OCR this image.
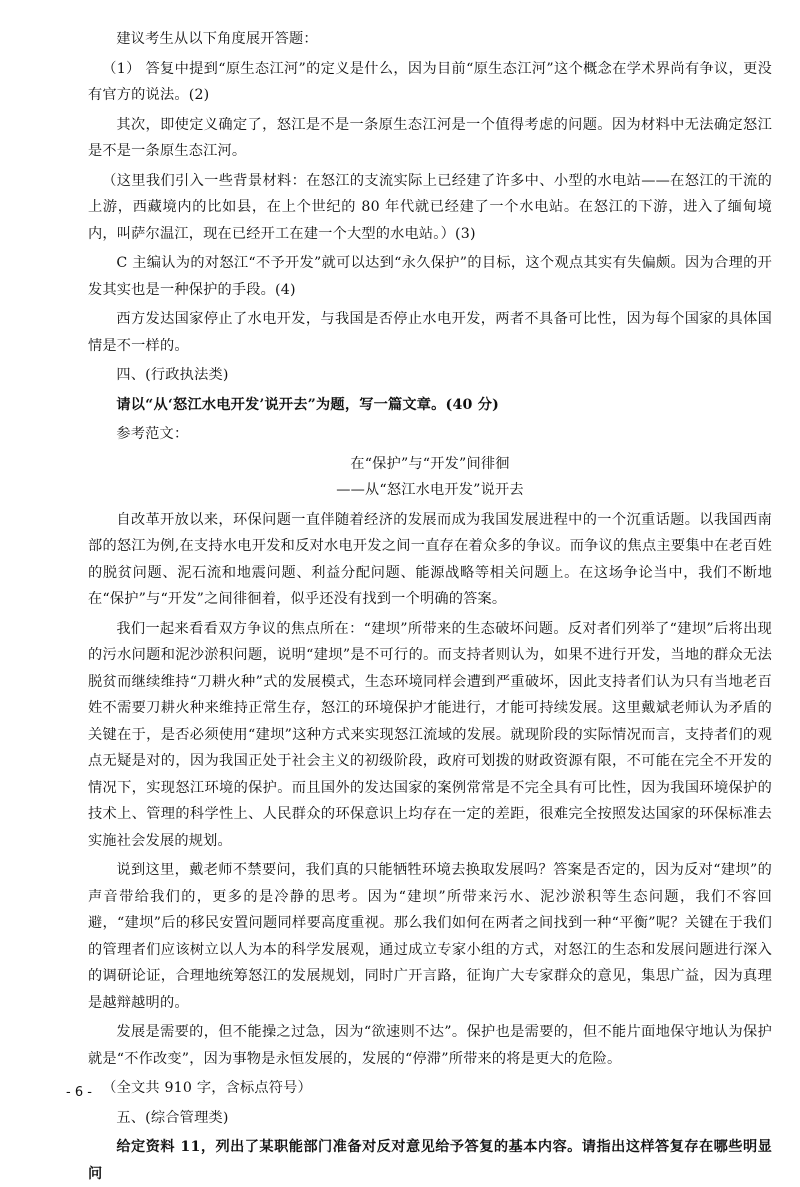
建议考生从以下角度展开答题：

（1） 答复中提到“原生态江河”的定义是什么，因为目前“原生态江河”这个概念在学术界尚有争议，更没有官方的说法。(2)

其次，即使定义确定了，怒江是不是一条原生态江河是一个值得考虑的问题。因为材料中无法确定怒江是不是一条原生态江河。

（这里我们引入一些背景材料：在怒江的支流实际上已经建了许多中、小型的水电站——在怒江的干流的上游，西藏境内的比如县，在上个世纪的 80 年代就已经建了一个水电站。在怒江的下游，进入了缅甸境内，叫萨尔温江，现在已经开工在建一个大型的水电站。）(3)

C 主编认为的对怒江“不予开发”就可以达到“永久保护”的目标，这个观点其实有失偏颇。因为合理的开发其实也是一种保护的手段。(4)

西方发达国家停止了水电开发，与我国是否停止水电开发，两者不具备可比性，因为每个国家的具体国情是不一样的。

四、(行政执法类)

请以“从‘怒江水电开发’说开去”为题，写一篇文章。(40 分)

参考范文：

在“保护”与“开发”间徘徊

——从“怒江水电开发”说开去

自改革开放以来，环保问题一直伴随着经济的发展而成为我国发展进程中的一个沉重话题。以我国西南部的怒江为例,在支持水电开发和反对水电开发之间一直存在着众多的争议。而争议的焦点主要集中在老百姓的脱贫问题、泥石流和地震问题、利益分配问题、能源战略等相关问题上。在这场争论当中，我们不断地在“保护”与“开发”之间徘徊着，似乎还没有找到一个明确的答案。

我们一起来看看双方争议的焦点所在：“建坝”所带来的生态破坏问题。反对者们列举了“建坝”后将出现的污水问题和泥沙淤积问题，说明“建坝”是不可行的。而支持者则认为，如果不进行开发，当地的群众无法脱贫而继续维持“刀耕火种”式的发展模式，生态环境同样会遭到严重破坏，因此支持者们认为只有当地老百姓不需要刀耕火种来维持正常生存，怒江的环境保护才能进行，才能可持续发展。这里戴斌老师认为矛盾的关键在于，是否必须使用“建坝”这种方式来实现怒江流域的发展。就现阶段的实际情况而言，支持者们的观点无疑是对的，因为我国正处于社会主义的初级阶段，政府可划拨的财政资源有限，不可能在完全不开发的情况下，实现怒江环境的保护。而且国外的发达国家的案例常常是不完全具有可比性，因为我国环境保护的技术上、管理的科学性上、人民群众的环保意识上均存在一定的差距，很难完全按照发达国家的环保标准去实施社会发展的规划。

说到这里，戴老师不禁要问，我们真的只能牺牲环境去换取发展吗？答案是否定的，因为反对“建坝”的声音带给我们的，更多的是冷静的思考。因为“建坝”所带来污水、泥沙淤积等生态问题，我们不容回避，“建坝”后的移民安置问题同样要高度重视。那么我们如何在两者之间找到一种“平衡”呢？关键在于我们的管理者们应该树立以人为本的科学发展观，通过成立专家小组的方式，对怒江的生态和发展问题进行深入的调研论证，合理地统筹怒江的发展规划，同时广开言路，征询广大专家群众的意见，集思广益，因为真理是越辩越明的。

发展是需要的，但不能操之过急，因为“欲速则不达”。保护也是需要的，但不能片面地保守地认为保护就是“不作改变”，因为事物是永恒发展的，发展的“停滞”所带来的将是更大的危险。

（全文共 910 字，含标点符号）

五、(综合管理类)

给定资料 11，列出了某职能部门准备对反对意见给予答复的基本内容。请指出这样答复存在哪些明显问

- 6 -
